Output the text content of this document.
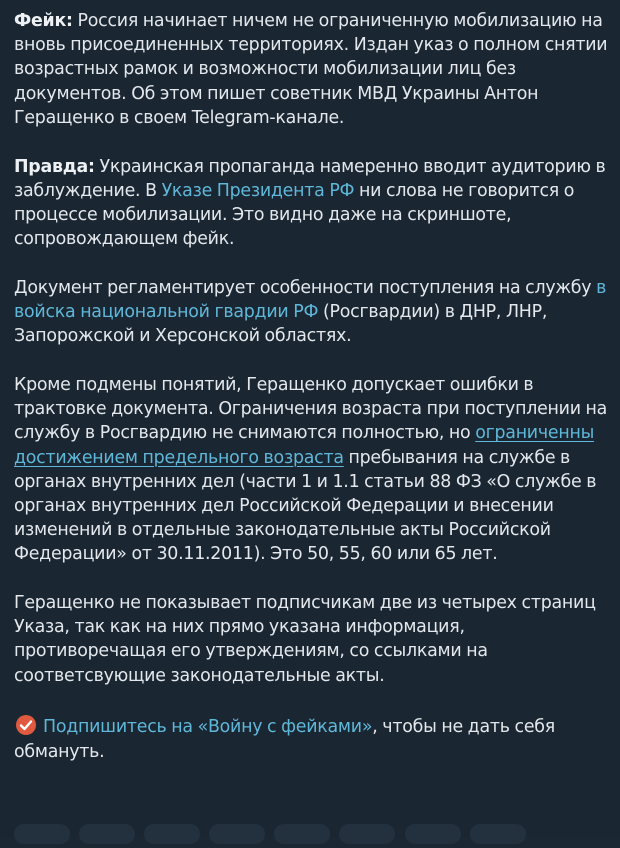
Фейк: Россия начинает ничем не ограниченную мобилизацию на вновь присоединенных территориях. Издан указ о полном снятии возрастных рамок и возможности мобилизации лиц без документов. Об этом пишет советник МВД Украины Антон Геращенко в своем Telegram-канале.

Правда: Украинская пропаганда намеренно вводит аудиторию в заблуждение. В Указе Президента РФ ни слова не говорится о процессе мобилизации. Это видно даже на скриншоте, сопровождающем фейк.

Документ регламентирует особенности поступления на службу в войска национальной гвардии РФ (Росгвардии) в ДНР, ЛНР, Запорожской и Херсонской областях.

Кроме подмены понятий, Геращенко допускает ошибки в трактовке документа. Ограничения возраста при поступлении на службу в Росгвардию не снимаются полностью, но ограниченны достижением предельного возраста пребывания на службе в органах внутренних дел (части 1 и 1.1 статьи 88 ФЗ «О службе в органах внутренних дел Российской Федерации и внесении изменений в отдельные законодательные акты Российской Федерации» от 30.11.2011). Это 50, 55, 60 или 65 лет.

Геращенко не показывает подписчикам две из четырех страниц Указа, так как на них прямо указана информация, противоречащая его утверждениям, со ссылками на соответсвующие законодательные акты.

Подпишитесь на «Войну с фейками», чтобы не дать себя обмануть.
